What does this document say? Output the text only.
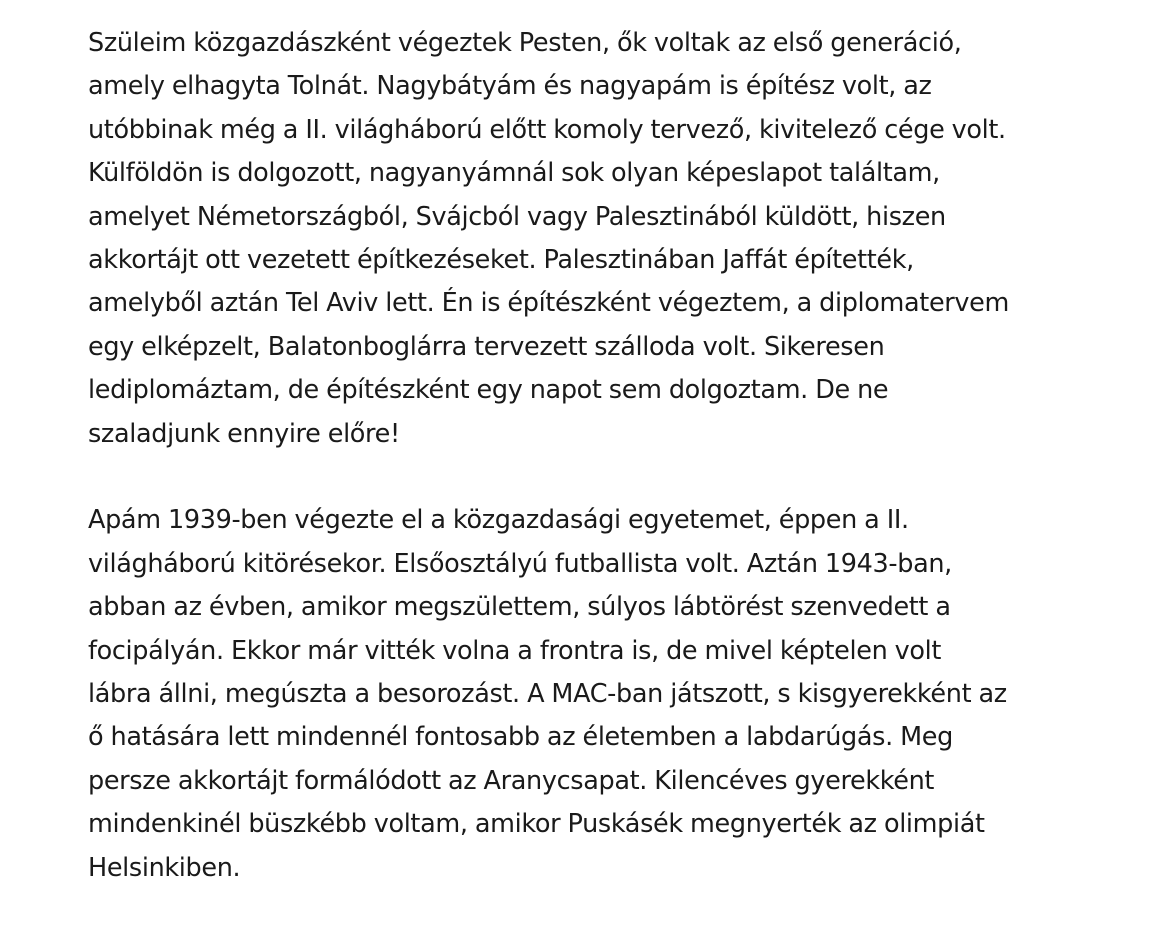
Szüleim közgazdászként végeztek Pesten, ők voltak az első generáció,
amely elhagyta Tolnát. Nagybátyám és nagyapám is építész volt, az
utóbbinak még a II. világháború előtt komoly tervező, kivitelező cége volt.
Külföldön is dolgozott, nagyanyámnál sok olyan képeslapot találtam,
amelyet Németországból, Svájcból vagy Palesztinából küldött, hiszen
akkortájt ott vezetett építkezéseket. Palesztinában Jaffát építették,
amelyből aztán Tel Aviv lett. Én is építészként végeztem, a diplomatervem
egy elképzelt, Balatonboglárra tervezett szálloda volt. Sikeresen
lediplomáztam, de építészként egy napot sem dolgoztam. De ne
szaladjunk ennyire előre!

Apám 1939-ben végezte el a közgazdasági egyetemet, éppen a II.
világháború kitörésekor. Elsőosztályú futballista volt. Aztán 1943-ban,
abban az évben, amikor megszülettem, súlyos lábtörést szenvedett a
focipályán. Ekkor már vitték volna a frontra is, de mivel képtelen volt
lábra állni, megúszta a besorozást. A MAC-ban játszott, s kisgyerekként az
ő hatására lett mindennél fontosabb az életemben a labdarúgás. Meg
persze akkortájt formálódott az Aranycsapat. Kilencéves gyerekként
mindenkinél büszkébb voltam, amikor Puskásék megnyerték az olimpiát
Helsinkiben.
